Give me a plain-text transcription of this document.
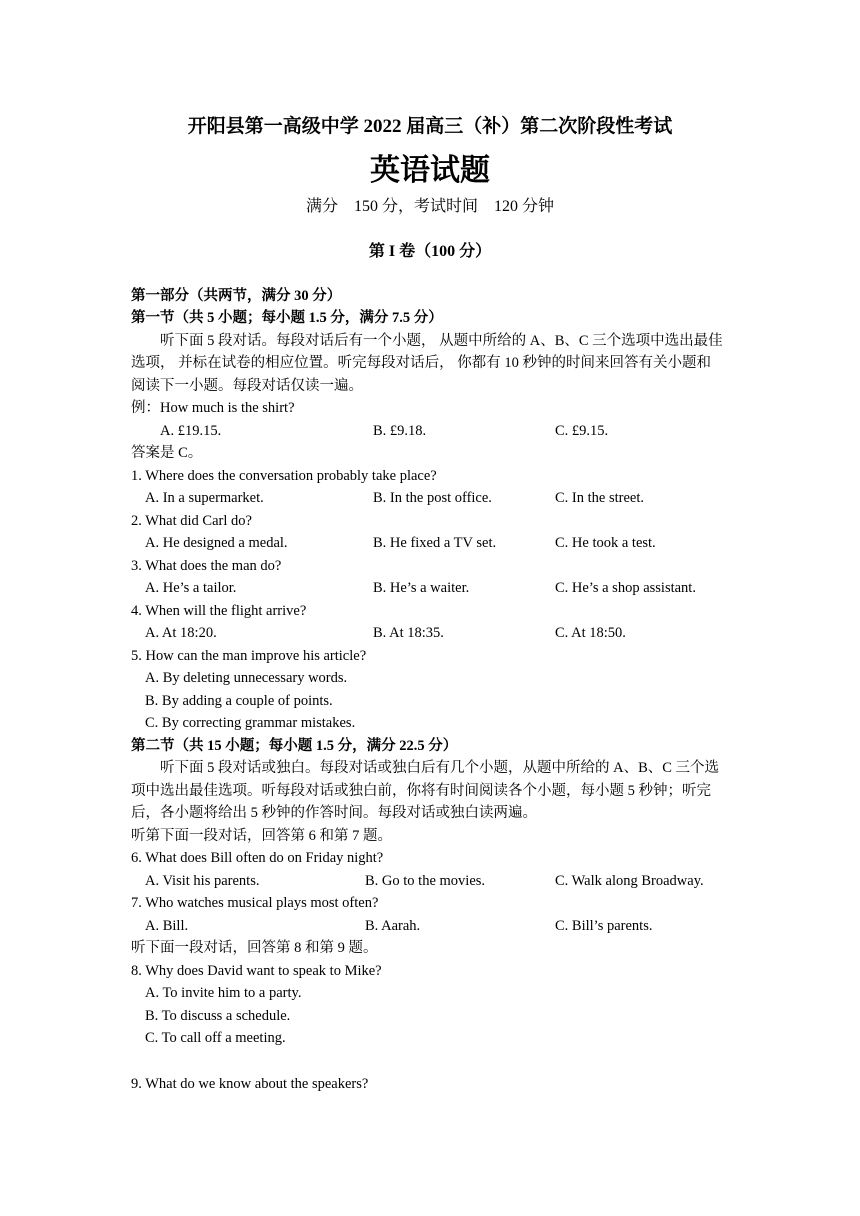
开阳县第一高级中学 2022 届高三（补）第二次阶段性考试
英语试题
满分　150 分，考试时间　120 分钟
第 I 卷（100 分）
第一部分（共两节，满分 30 分）
第一节（共 5 小题；每小题 1.5 分，满分 7.5 分）
听下面 5 段对话。每段对话后有一个小题， 从题中所给的 A、B、C 三个选项中选出最佳
选项， 并标在试卷的相应位置。听完每段对话后， 你都有 10 秒钟的时间来回答有关小题和
阅读下一小题。每段对话仅读一遍。
例：How much is the shirt?
A. £19.15.	B. £9.18.	C. £9.15.
答案是 C。
1. Where does the conversation probably take place?
A. In a supermarket.	B. In the post office.	C. In the street.
2. What did Carl do?
A. He designed a medal.	B. He fixed a TV set.	C. He took a test.
3. What does the man do?
A. He’s a tailor.	B. He’s a waiter.	C. He’s a shop assistant.
4. When will the flight arrive?
A. At 18:20.	B. At 18:35.	C. At 18:50.
5. How can the man improve his article?
A. By deleting unnecessary words.
B. By adding a couple of points.
C. By correcting grammar mistakes.
第二节（共 15 小题；每小题 1.5 分，满分 22.5 分）
听下面 5 段对话或独白。每段对话或独白后有几个小题，从题中所给的 A、B、C 三个选
项中选出最佳选项。听每段对话或独白前，你将有时间阅读各个小题，每小题 5 秒钟；听完
后，各小题将给出 5 秒钟的作答时间。每段对话或独白读两遍。
听第下面一段对话，回答第 6 和第 7 题。
6. What does Bill often do on Friday night?
A. Visit his parents.	B. Go to the movies.	C. Walk along Broadway.
7. Who watches musical plays most often?
A. Bill.	B. Aarah.	C. Bill’s parents.
听下面一段对话，回答第 8 和第 9 题。
8. Why does David want to speak to Mike?
A. To invite him to a party.
B. To discuss a schedule.
C. To call off a meeting.
9. What do we know about the speakers?
